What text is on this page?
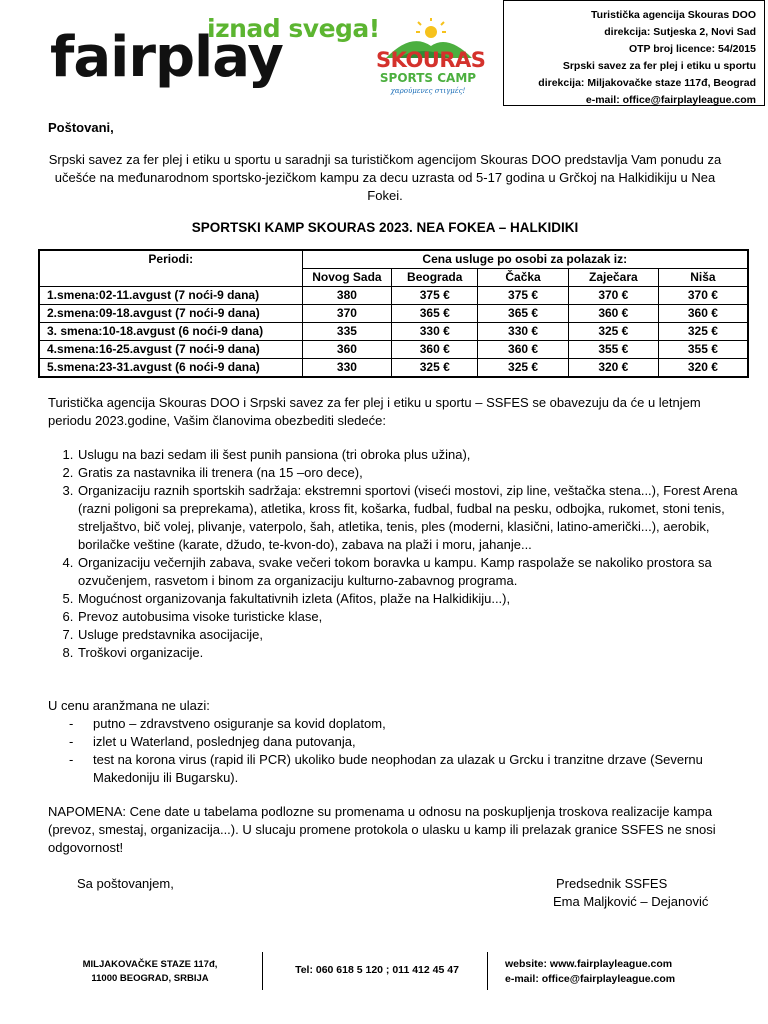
iznad svega!
fairplay	SKOURAS
SPORTS CAMP
χαρούμενες στιγμές!
Turistička agencija Skouras DOO
direkcija: Sutjeska 2, Novi Sad
OTP broj licence: 54/2015
Srpski savez za fer plej i etiku u sportu
direkcija: Miljakovačke staze 117đ, Beograd
e-mail: office@fairplayleague.com
Poštovani,
Srpski savez za fer plej i etiku u sportu u saradnji sa turističkom agencijom Skouras DOO predstavlja Vam ponudu za učešće na međunarodnom sportsko-jezičkom kampu za decu uzrasta od 5-17 godina u Grčkoj na Halkidikiju u Nea Fokei.
SPORTSKI KAMP SKOURAS 2023. NEA FOKEA – HALKIDIKI
Periodi:	Cena usluge po osobi za polazak iz:				
	Novog Sada	Beograda	Čačka	Zaječara	Niša
1.smena:02-11.avgust (7 noći-9 dana)	380	375 €	375 €	370 €	370 €
2.smena:09-18.avgust (7 noći-9 dana)	370	365 €	365 €	360 €	360 €
3. smena:10-18.avgust (6 noći-9 dana)	335	330 €	330 €	325 €	325 €
4.smena:16-25.avgust (7 noći-9 dana)	360	360 €	360 €	355 €	355 €
5.smena:23-31.avgust (6 noći-9 dana)	330	325 €	325 €	320 €	320 €
Turistička agencija Skouras DOO i Srpski savez za fer plej i etiku u sportu – SSFES se obavezuju da će u letnjem periodu 2023.godine, Vašim članovima obezbediti sledeće:
1. Uslugu na bazi sedam ili šest punih pansiona (tri obroka plus užina),
2. Gratis za nastavnika ili trenera (na 15 –oro dece),
3. Organizaciju raznih sportskih sadržaja: ekstremni sportovi (viseći mostovi, zip line, veštačka stena...), Forest Arena (razni poligoni sa preprekama), atletika, kross fit, košarka, fudbal, fudbal na pesku, odbojka, rukomet, stoni tenis, streljaštvo, bič volej, plivanje, vaterpolo, šah, atletika, tenis, ples (moderni, klasični, latino-američki...), aerobik, borilačke veštine (karate, džudo, te-kvon-do), zabava na plaži i moru, jahanje...
4. Organizaciju večernjih zabava, svake večeri tokom boravka u kampu. Kamp raspolaže se nakoliko prostora sa ozvučenjem, rasvetom i binom za organizaciju kulturno-zabavnog programa.
5. Mogućnost organizovanja fakultativnih izleta (Afitos, plaže na Halkidikiju...),
6. Prevoz autobusima visoke turisticke klase,
7. Usluge predstavnika asocijacije,
8. Troškovi organizacije.
U cenu aranžmana ne ulazi:
- putno – zdravstveno osiguranje sa kovid doplatom,
- izlet u Waterland, poslednjeg dana putovanja,
- test na korona virus (rapid ili PCR) ukoliko bude neophodan za ulazak u Grcku i tranzitne drzave (Severnu Makedoniju ili Bugarsku).
NAPOMENA: Cene date u tabelama podlozne su promenama u odnosu na poskupljenja troskova realizacije kampa (prevoz, smestaj, organizacija...). U slucaju promene protokola o ulasku u kamp ili prelazak granice SSFES ne snosi odgovornost!
Sa poštovanjem,	Predsednik SSFES
Ema Maljković – Dejanović
MILJAKOVAČKE STAZE 117đ,
11000 BEOGRAD, SRBIJA
Tel: 060 618 5 120 ; 011 412 45 47	website: www.fairplayleague.com
e-mail: office@fairplayleague.com
